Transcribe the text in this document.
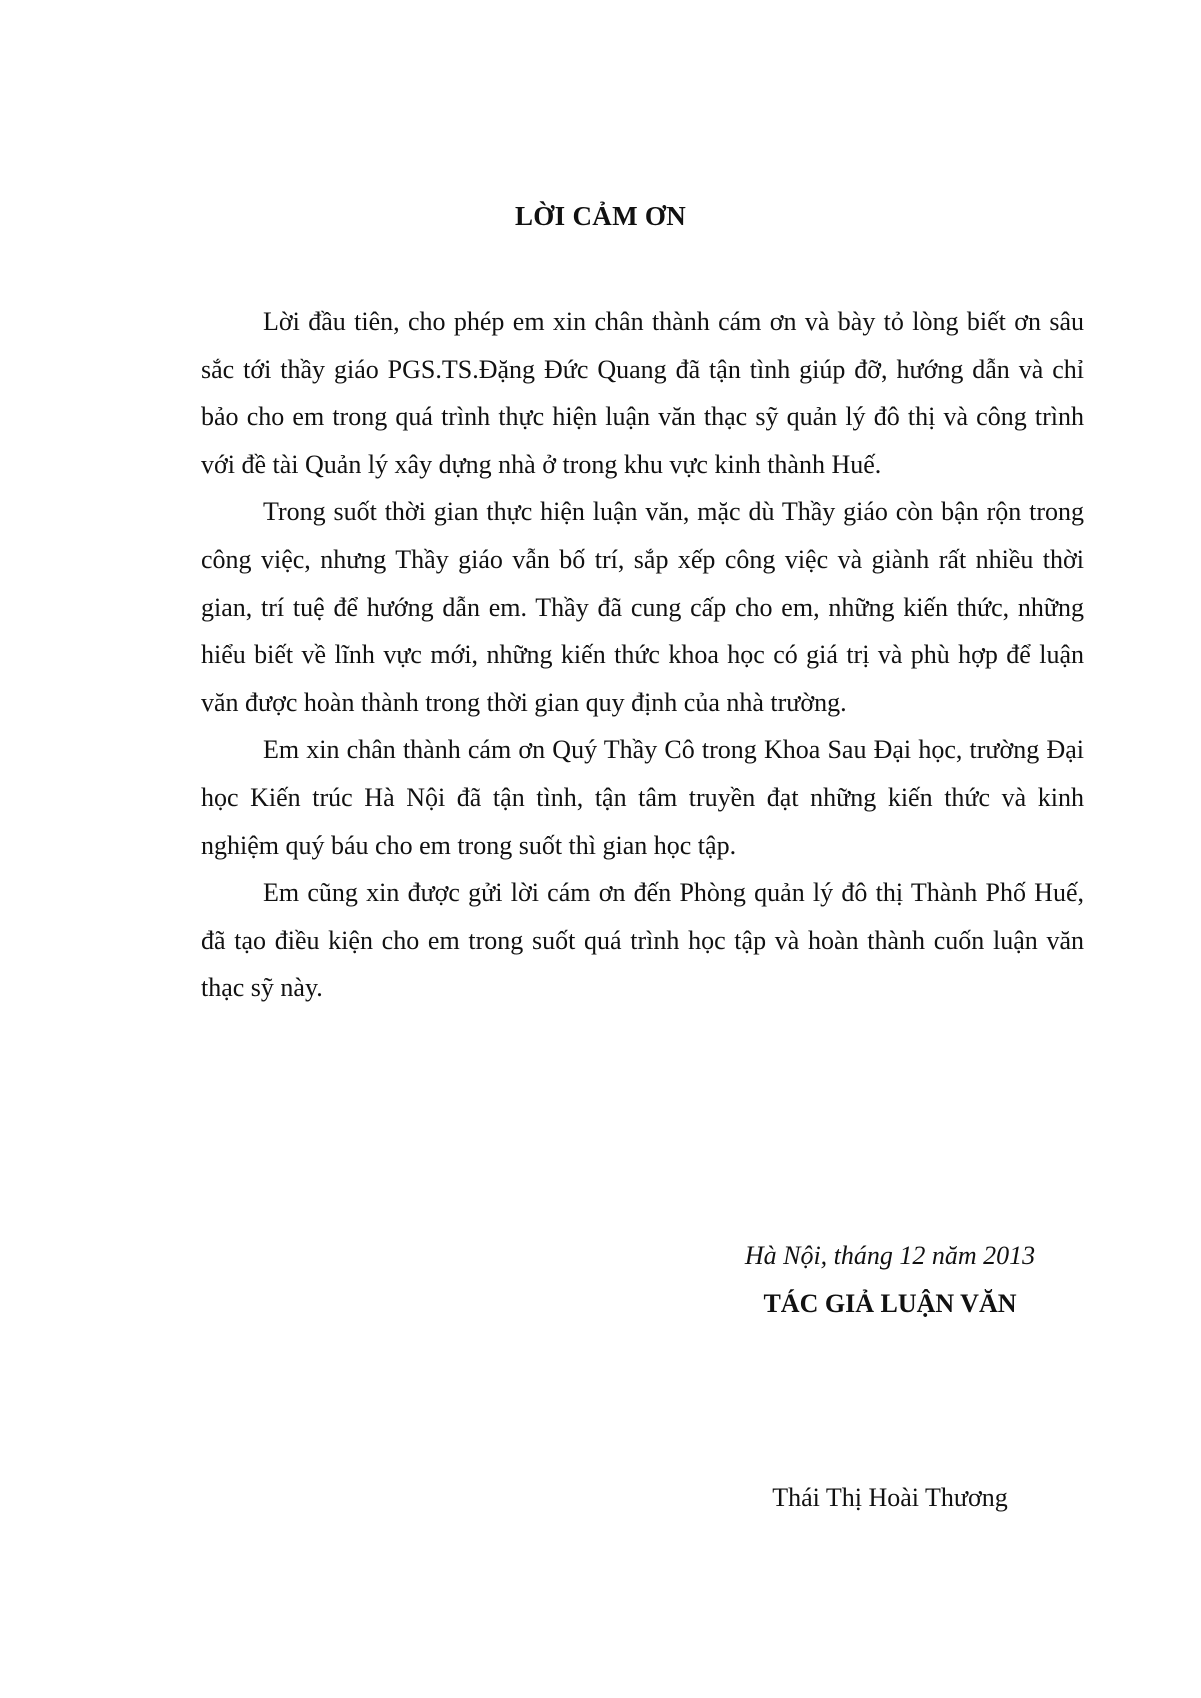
LỜI CẢM ƠN

Lời đầu tiên, cho phép em xin chân thành cám ơn và bày tỏ lòng biết ơn sâu sắc tới thầy giáo PGS.TS.Đặng Đức Quang đã tận tình giúp đỡ, hướng dẫn và chỉ bảo cho em trong quá trình thực hiện luận văn thạc sỹ quản lý đô thị và công trình với đề tài Quản lý xây dựng nhà ở trong khu vực kinh thành Huế.

Trong suốt thời gian thực hiện luận văn, mặc dù Thầy giáo còn bận rộn trong công việc, nhưng Thầy giáo vẫn bố trí, sắp xếp công việc và giành rất nhiều thời gian, trí tuệ để hướng dẫn em. Thầy đã cung cấp cho em, những kiến thức, những hiểu biết về lĩnh vực mới, những kiến thức khoa học có giá trị và phù hợp để luận văn được hoàn thành trong thời gian quy định của nhà trường.

Em xin chân thành cám ơn Quý Thầy Cô trong Khoa Sau Đại học, trường Đại học Kiến trúc Hà Nội đã tận tình, tận tâm truyền đạt những kiến thức và kinh nghiệm quý báu cho em trong suốt thì gian học tập.

Em cũng xin được gửi lời cám ơn đến Phòng quản lý đô thị Thành Phố Huế, đã tạo điều kiện cho em trong suốt quá trình học tập và hoàn thành cuốn luận văn thạc sỹ này.

Hà Nội, tháng 12 năm 2013
TÁC GIẢ LUẬN VĂN
Thái Thị Hoài Thương
